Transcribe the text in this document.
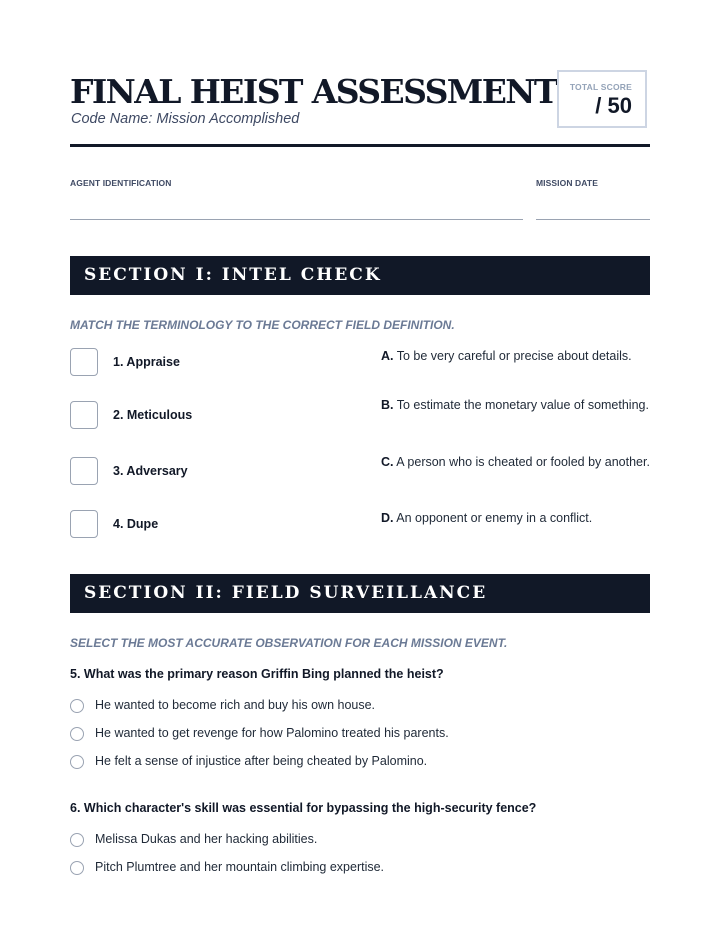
FINAL HEIST ASSESSMENT
Code Name: Mission Accomplished
TOTAL SCORE
/ 50
AGENT IDENTIFICATION	MISSION DATE
SECTION I: INTEL CHECK
MATCH THE TERMINOLOGY TO THE CORRECT FIELD DEFINITION.
1. Appraise
2. Meticulous
3. Adversary
4. Dupe
A. To be very careful or precise about details.
B. To estimate the monetary value of something.
C. A person who is cheated or fooled by another.
D. An opponent or enemy in a conflict.
SECTION II: FIELD SURVEILLANCE
SELECT THE MOST ACCURATE OBSERVATION FOR EACH MISSION EVENT.
5. What was the primary reason Griffin Bing planned the heist?
He wanted to become rich and buy his own house.
He wanted to get revenge for how Palomino treated his parents.
He felt a sense of injustice after being cheated by Palomino.
6. Which character's skill was essential for bypassing the high-security fence?
Melissa Dukas and her hacking abilities.
Pitch Plumtree and her mountain climbing expertise.
